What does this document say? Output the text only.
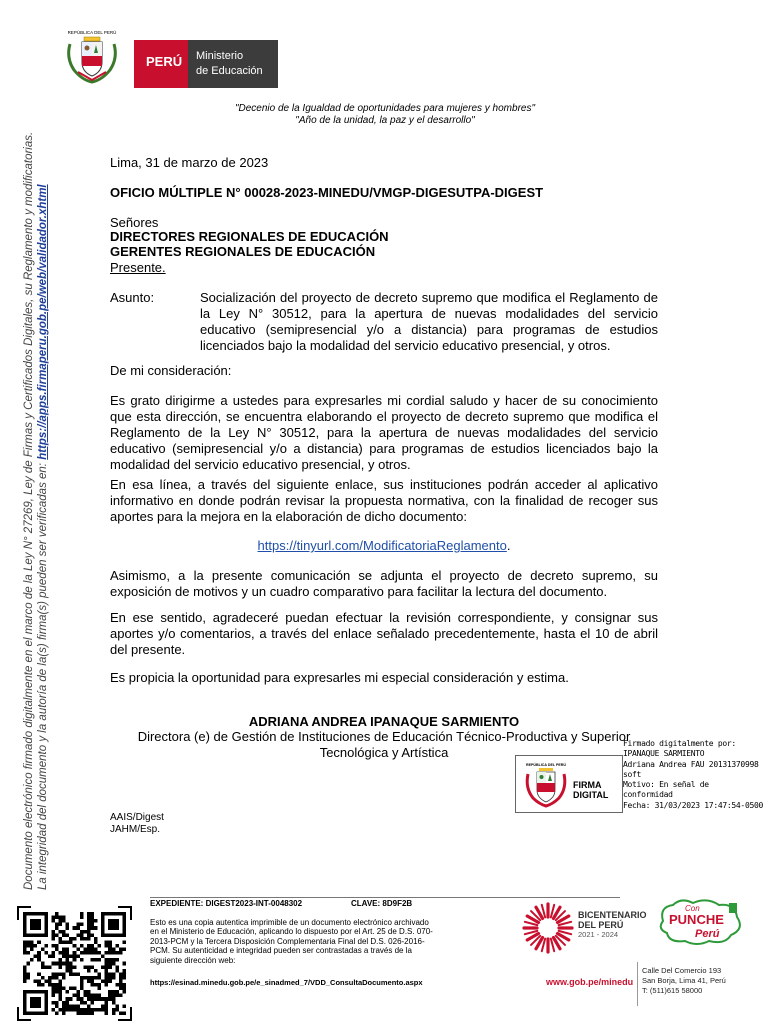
REPÚBLICA DEL PERÚ
PERÚ	Ministerio
de Educación
"Decenio de la Igualdad de oportunidades para mujeres y hombres"
"Año de la unidad, la paz y el desarrollo"
Documento electrónico firmado digitalmente en el marco de la Ley N° 27269, Ley de Firmas y Certificados Digitales, su Reglamento y modificatorias. La integridad del documento y la autoría de la(s) firma(s) pueden ser verificadas en: https://apps.firmaperu.gob.pe/web/validador.xhtml
Lima, 31 de marzo de 2023
OFICIO MÚLTIPLE N° 00028-2023-MINEDU/VMGP-DIGESUTPA-DIGEST
Señores
DIRECTORES REGIONALES DE EDUCACIÓN
GERENTES REGIONALES DE EDUCACIÓN
Presente.
Asunto:	Socialización del proyecto de decreto supremo que modifica el Reglamento de la Ley N° 30512, para la apertura de nuevas modalidades del servicio educativo (semipresencial y/o a distancia) para programas de estudios licenciados bajo la modalidad del servicio educativo presencial, y otros.
De mi consideración:
Es grato dirigirme a ustedes para expresarles mi cordial saludo y hacer de su conocimiento que esta dirección, se encuentra elaborando el proyecto de decreto supremo que modifica el Reglamento de la Ley N° 30512, para la apertura de nuevas modalidades del servicio educativo (semipresencial y/o a distancia) para programas de estudios licenciados bajo la modalidad del servicio educativo presencial, y otros.
En esa línea, a través del siguiente enlace, sus instituciones podrán acceder al aplicativo informativo en donde podrán revisar la propuesta normativa, con la finalidad de recoger sus aportes para la mejora en la elaboración de dicho documento:
https://tinyurl.com/ModificatoriaReglamento.
Asimismo, a la presente comunicación se adjunta el proyecto de decreto supremo, su exposición de motivos y un cuadro comparativo para facilitar la lectura del documento.
En ese sentido, agradeceré puedan efectuar la revisión correspondiente, y consignar sus aportes y/o comentarios, a través del enlace señalado precedentemente, hasta el 10 de abril del presente.
Es propicia la oportunidad para expresarles mi especial consideración y estima.
ADRIANA ANDREA IPANAQUE SARMIENTO
Directora (e) de Gestión de Instituciones de Educación Técnico-Productiva y Superior
Tecnológica y Artística
AAIS/Digest
JAHM/Esp.
REPÚBLICA DEL PERÚ
FIRMA
DIGITAL
Firmado digitalmente por:
IPANAQUE SARMIENTO
Adriana Andrea FAU 20131370998
soft
Motivo: En señal de
conformidad
Fecha: 31/03/2023 17:47:54-0500
EXPEDIENTE: DIGEST2023-INT-0048302	CLAVE: 8D9F2B
Esto es una copia autentica imprimible de un documento electrónico archivado
en el Ministerio de Educación, aplicando lo dispuesto por el Art. 25 de D.S. 070-
2013-PCM y la Tercera Disposición Complementaria Final del D.S. 026-2016-
PCM. Su autenticidad e integridad pueden ser contrastadas a través de la
siguiente dirección web:
https://esinad.minedu.gob.pe/e_sinadmed_7/VDD_ConsultaDocumento.aspx
BICENTENARIO
DEL PERÚ
2021 - 2024
Con
PUNCHE
Perú
www.gob.pe/minedu
Calle Del Comercio 193
San Borja, Lima 41, Perú
T: (511)615 58000
